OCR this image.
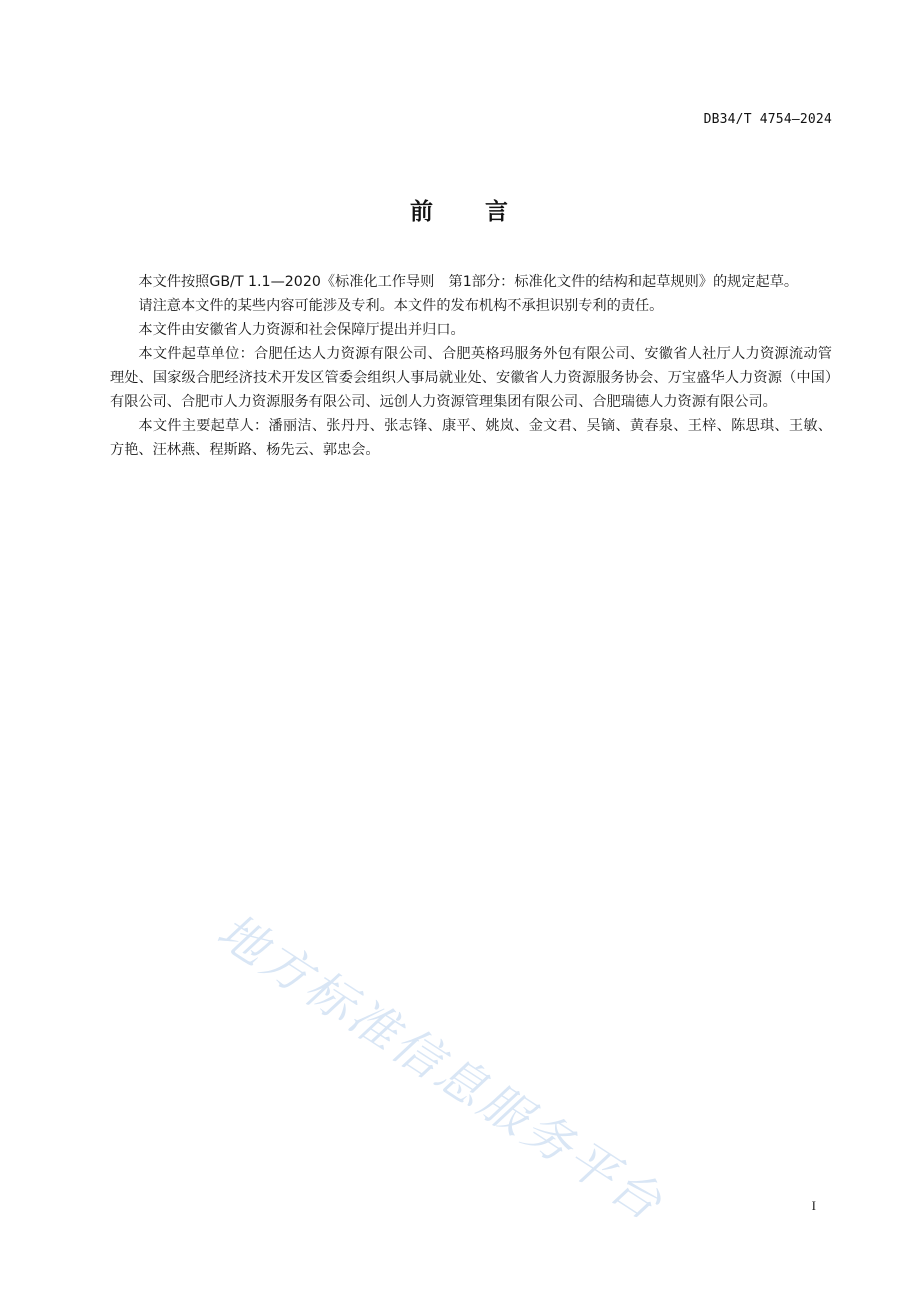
DB34/T 4754—2024
前　　言

本文件按照GB/T 1.1—2020《标准化工作导则　第1部分：标准化文件的结构和起草规则》的规定起草。

请注意本文件的某些内容可能涉及专利。本文件的发布机构不承担识别专利的责任。

本文件由安徽省人力资源和社会保障厅提出并归口。

本文件起草单位：合肥任达人力资源有限公司、合肥英格玛服务外包有限公司、安徽省人社厅人力资源流动管理处、国家级合肥经济技术开发区管委会组织人事局就业处、安徽省人力资源服务协会、万宝盛华人力资源（中国）有限公司、合肥市人力资源服务有限公司、远创人力资源管理集团有限公司、合肥瑞德人力资源有限公司。

本文件主要起草人：潘丽洁、张丹丹、张志锋、康平、姚岚、金文君、吴镝、黄春泉、王梓、陈思琪、王敏、方艳、汪林燕、程斯路、杨先云、郭忠会。

地方标准信息服务平台	I
